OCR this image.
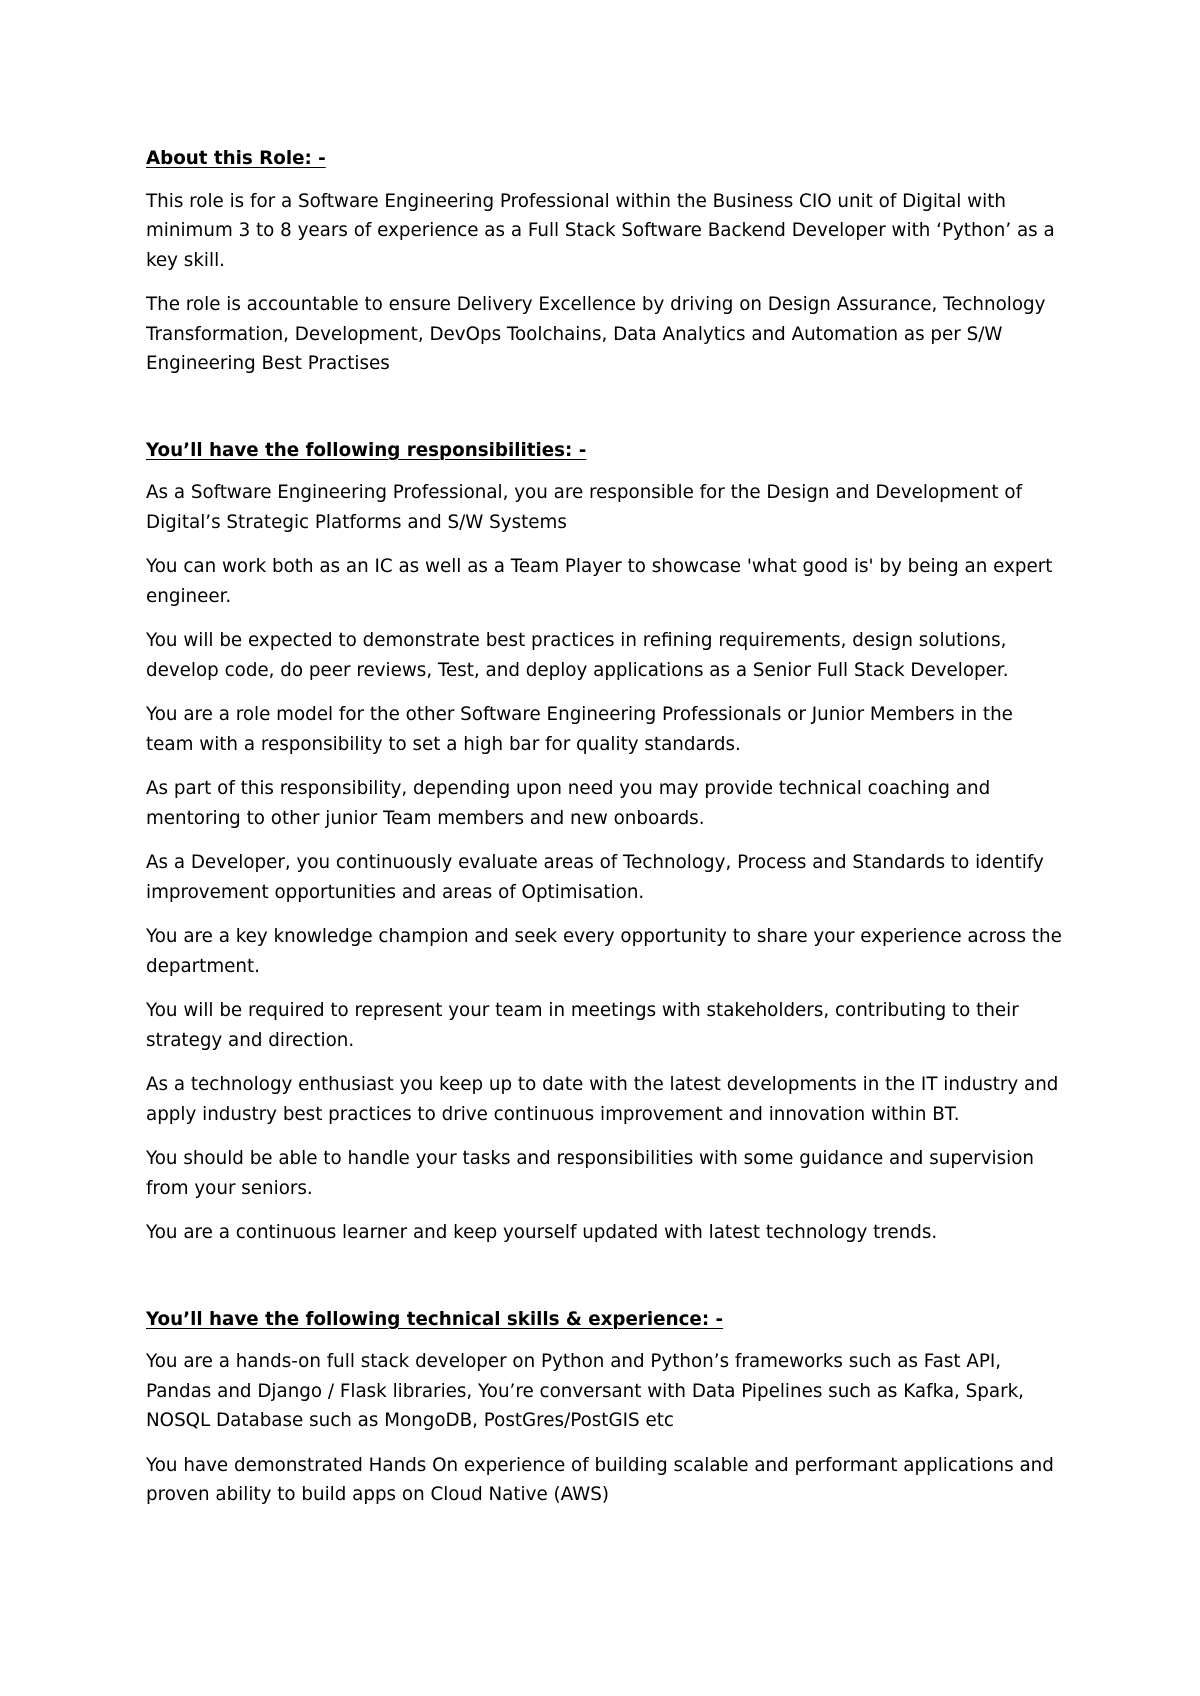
About this Role: -

This role is for a Software Engineering Professional within the Business CIO unit of Digital with minimum 3 to 8 years of experience as a Full Stack Software Backend Developer with ‘Python’ as a key skill.

The role is accountable to ensure Delivery Excellence by driving on Design Assurance, Technology Transformation, Development, DevOps Toolchains, Data Analytics and Automation as per S/W Engineering Best Practises

You’ll have the following responsibilities: -

As a Software Engineering Professional, you are responsible for the Design and Development of Digital’s Strategic Platforms and S/W Systems

You can work both as an IC as well as a Team Player to showcase 'what good is' by being an expert engineer.

You will be expected to demonstrate best practices in refining requirements, design solutions, develop code, do peer reviews, Test, and deploy applications as a Senior Full Stack Developer.

You are a role model for the other Software Engineering Professionals or Junior Members in the team with a responsibility to set a high bar for quality standards.

As part of this responsibility, depending upon need you may provide technical coaching and mentoring to other junior Team members and new onboards.

As a Developer, you continuously evaluate areas of Technology, Process and Standards to identify improvement opportunities and areas of Optimisation.

You are a key knowledge champion and seek every opportunity to share your experience across the department.

You will be required to represent your team in meetings with stakeholders, contributing to their strategy and direction.

As a technology enthusiast you keep up to date with the latest developments in the IT industry and apply industry best practices to drive continuous improvement and innovation within BT.

You should be able to handle your tasks and responsibilities with some guidance and supervision from your seniors.

You are a continuous learner and keep yourself updated with latest technology trends.

You’ll have the following technical skills & experience: -

You are a hands-on full stack developer on Python and Python’s frameworks such as Fast API, Pandas and Django / Flask libraries, You’re conversant with Data Pipelines such as Kafka, Spark, NOSQL Database such as MongoDB, PostGres/PostGIS etc

You have demonstrated Hands On experience of building scalable and performant applications and proven ability to build apps on Cloud Native (AWS)
